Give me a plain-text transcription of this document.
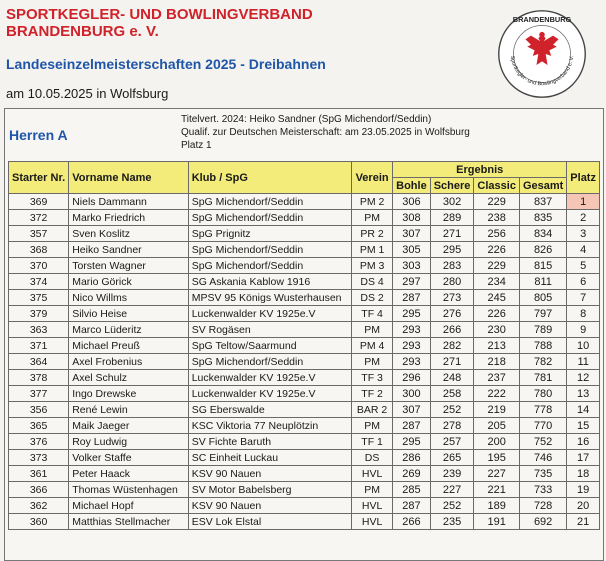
SPORTKEGLER- UND BOWLINGVERBAND
BRANDENBURG e. V.
Landeseinzelmeisterschaften 2025 - Dreibahnen
am 10.05.2025 in Wolfsburg
BRANDENBURG
Sportkegler- und Bowlingverband e. V.
Herren A
Titelvert. 2024: Heiko Sandner (SpG Michendorf/Seddin)
Qualif. zur Deutschen Meisterschaft: am 23.05.2025 in Wolfsburg
Platz 1
Starter Nr.	Vorname Name	Klub / SpG	Verein	Ergebnis				Platz
				Bohle	Schere	Classic	Gesamt	
369	Niels Dammann	SpG Michendorf/Seddin	PM 2	306	302	229	837	1
372	Marko Friedrich	SpG Michendorf/Seddin	PM	308	289	238	835	2
357	Sven Koslitz	SpG Prignitz	PR 2	307	271	256	834	3
368	Heiko Sandner	SpG Michendorf/Seddin	PM 1	305	295	226	826	4
370	Torsten Wagner	SpG Michendorf/Seddin	PM 3	303	283	229	815	5
374	Mario Görick	SG Askania Kablow 1916	DS 4	297	280	234	811	6
375	Nico Willms	MPSV 95 Königs Wusterhausen	DS 2	287	273	245	805	7
379	Silvio Heise	Luckenwalder KV 1925e.V	TF 4	295	276	226	797	8
363	Marco Lüderitz	SV Rogäsen	PM	293	266	230	789	9
371	Michael Preuß	SpG Teltow/Saarmund	PM 4	293	282	213	788	10
364	Axel Frobenius	SpG Michendorf/Seddin	PM	293	271	218	782	11
378	Axel Schulz	Luckenwalder KV 1925e.V	TF 3	296	248	237	781	12
377	Ingo Drewske	Luckenwalder KV 1925e.V	TF 2	300	258	222	780	13
356	René Lewin	SG Eberswalde	BAR 2	307	252	219	778	14
365	Maik Jaeger	KSC Viktoria 77 Neuplötzin	PM	287	278	205	770	15
376	Roy Ludwig	SV Fichte Baruth	TF 1	295	257	200	752	16
373	Volker Staffe	SC Einheit Luckau	DS	286	265	195	746	17
361	Peter Haack	KSV 90 Nauen	HVL	269	239	227	735	18
366	Thomas Wüstenhagen	SV Motor Babelsberg	PM	285	227	221	733	19
362	Michael Hopf	KSV 90 Nauen	HVL	287	252	189	728	20
360	Matthias Stellmacher	ESV Lok Elstal	HVL	266	235	191	692	21
